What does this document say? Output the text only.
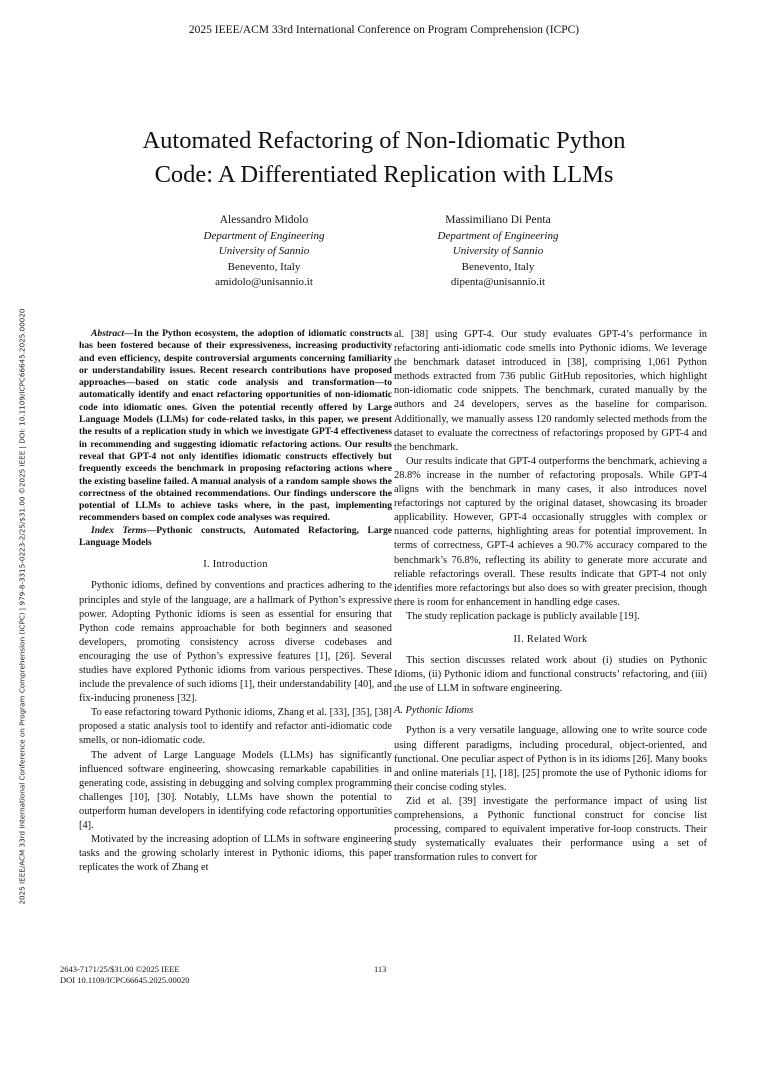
2025 IEEE/ACM 33rd International Conference on Program Comprehension (ICPC)
Automated Refactoring of Non-Idiomatic Python
Code: A Differentiated Replication with LLMs
Alessandro Midolo
Department of Engineering
University of Sannio
Benevento, Italy
amidolo@unisannio.it
Massimiliano Di Penta
Department of Engineering
University of Sannio
Benevento, Italy
dipenta@unisannio.it
2025 IEEE/ACM 33rd International Conference on Program Comprehension (ICPC) | 979-8-3315-0223-2/25/$31.00 ©2025 IEEE | DOI: 10.1109/ICPC66645.2025.00020	Abstract—In the Python ecosystem, the adoption of idiomatic constructs has been fostered because of their expressiveness, increasing productivity and even efficiency, despite controversial arguments concerning familiarity or understandability issues. Recent research contributions have proposed approaches—based on static code analysis and transformation—to automatically identify and enact refactoring opportunities of non-idiomatic code into idiomatic ones. Given the potential recently offered by Large Language Models (LLMs) for code-related tasks, in this paper, we present the results of a replication study in which we investigate GPT-4 effectiveness in recommending and suggesting idiomatic refactoring actions. Our results reveal that GPT-4 not only identifies idiomatic constructs effectively but frequently exceeds the benchmark in proposing refactoring actions where the existing baseline failed. A manual analysis of a random sample shows the correctness of the obtained recommendations. Our findings underscore the potential of LLMs to achieve tasks where, in the past, implementing recommenders based on complex code analyses was required.

Index Terms—Pythonic constructs, Automated Refactoring, Large Language Models

I. Introduction

Pythonic idioms, defined by conventions and practices adhering to the principles and style of the language, are a hallmark of Python’s expressive power. Adopting Pythonic idioms is seen as essential for ensuring that Python code remains approachable for both beginners and seasoned developers, promoting consistency across diverse codebases and encouraging the use of Python’s expressive features [1], [26]. Several studies have explored Pythonic idioms from various perspectives. These include the prevalence of such idioms [1], their understandability [40], and fix-inducing proneness [32].

To ease refactoring toward Pythonic idioms, Zhang et al. [33], [35], [38] proposed a static analysis tool to identify and refactor anti-idiomatic code smells, or non-idiomatic code.

The advent of Large Language Models (LLMs) has significantly influenced software engineering, showcasing remarkable capabilities in generating code, assisting in debugging and solving complex programming challenges [10], [30]. Notably, LLMs have shown the potential to outperform human developers in identifying code refactoring opportunities [4].

Motivated by the increasing adoption of LLMs in software engineering tasks and the growing scholarly interest in Pythonic idioms, this paper replicates the work of Zhang et

al. [38] using GPT-4. Our study evaluates GPT-4’s performance in refactoring anti-idiomatic code smells into Pythonic idioms. We leverage the benchmark dataset introduced in [38], comprising 1,061 Python methods extracted from 736 public GitHub repositories, which highlight non-idiomatic code snippets. The benchmark, curated manually by the authors and 24 developers, serves as the baseline for comparison. Additionally, we manually assess 120 randomly selected methods from the dataset to evaluate the correctness of refactorings proposed by GPT-4 and the benchmark.

Our results indicate that GPT-4 outperforms the benchmark, achieving a 28.8% increase in the number of refactoring proposals. While GPT-4 aligns with the benchmark in many cases, it also introduces novel refactorings not captured by the original dataset, showcasing its broader applicability. However, GPT-4 occasionally struggles with complex or nuanced code patterns, highlighting areas for potential improvement. In terms of correctness, GPT-4 achieves a 90.7% accuracy compared to the benchmark’s 76.8%, reflecting its ability to generate more accurate and reliable refactorings overall. These results indicate that GPT-4 not only identifies more refactorings but also does so with greater precision, though there is room for enhancement in handling edge cases.

The study replication package is publicly available [19].

II. Related Work

This section discusses related work about (i) studies on Pythonic Idioms, (ii) Pythonic idiom and functional constructs’ refactoring, and (iii) the use of LLM in software engineering.

A. Pythonic Idioms

Python is a very versatile language, allowing one to write source code using different paradigms, including procedural, object-oriented, and functional. One peculiar aspect of Python is in its idioms [26]. Many books and online materials [1], [18], [25] promote the use of Pythonic idioms for their concise coding styles.

Zid et al. [39] investigate the performance impact of using list comprehensions, a Pythonic functional construct for concise list processing, compared to equivalent imperative for-loop constructs. Their study systematically evaluates their performance using a set of transformation rules to convert for

2643-7171/25/$31.00 ©2025 IEEE
DOI 10.1109/ICPC66645.2025.00020
113
